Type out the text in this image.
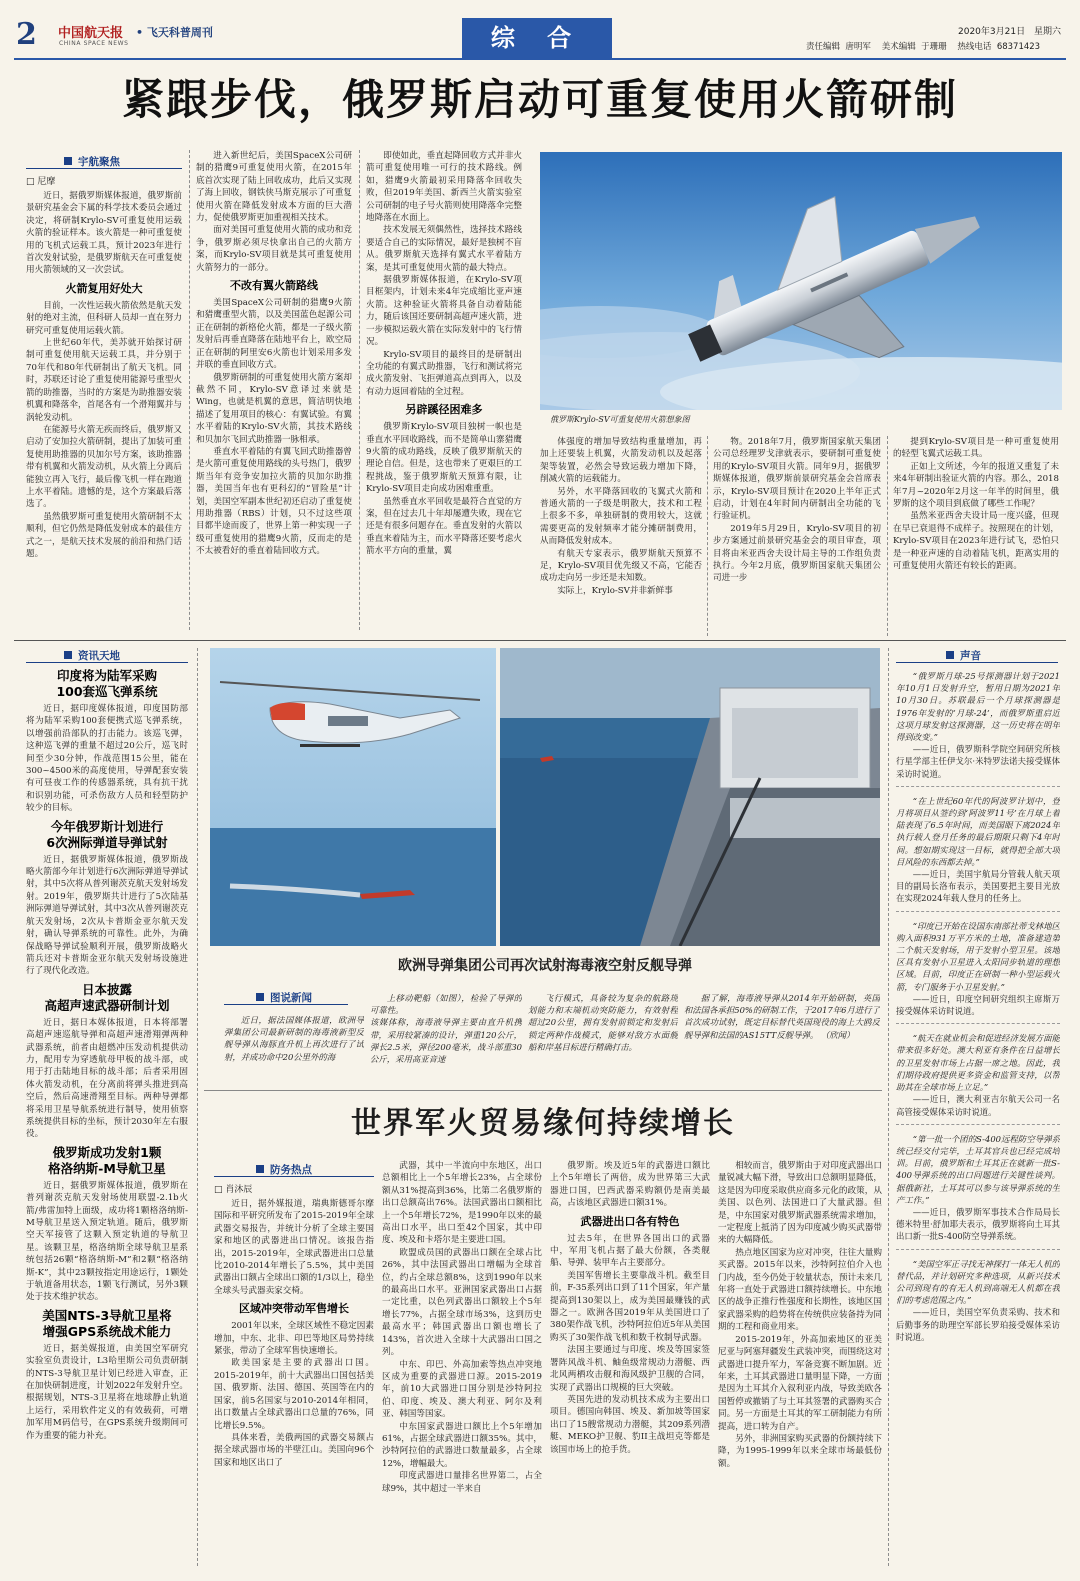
2 中国航天报
CHINA SPACE NEWS
• 飞天科普周刊	综 合	2020年3月21日 星期六
责任编辑  唐明军    美术编辑  于珊珊    热线电话  68371423
紧跟步伐，俄罗斯启动可重复使用火箭研制
宇航聚焦
□ 尼摩

近日，据俄罗斯媒体报道，俄罗斯前景研究基金会下属的科学技术委员会通过决定，将研制Krylo-SV可重复使用运载火箭的验证样本。该火箭是一种可重复使用的飞机式运载工具，预计2023年进行首次发射试验，是俄罗斯航天在可重复使用火箭领域的又一次尝试。

火箭复用好处大

目前，一次性运载火箭依然是航天发射的绝对主流，但科研人员却一直在努力研究可重复使用运载火箭。

上世纪60年代，美苏就开始探讨研制可重复使用航天运载工具，并分别于70年代和80年代研制出了航天飞机。同时，苏联还讨论了重复使用能源号重型火箭的助推器，当时的方案是为助推器安装机翼和降落伞，首尾各有一个滑翔翼并与涡轮发动机。

在能源号火箭无疾而终后，俄罗斯又启动了安加拉火箭研制，提出了加装可重复使用助推器的贝加尔号方案，该助推器带有机翼和火箭发动机，从火箭上分离后能独立再入飞行，最后像飞机一样在跑道上水平着陆。遗憾的是，这个方案最后落选了。

虽然俄罗斯可重复使用火箭研制不太顺利，但它仍然是降低发射成本的最佳方式之一，是航天技术发展的前沿和热门话题。

进入新世纪后，美国SpaceX公司研制的猎鹰9可重复使用火箭，在2015年底首次实现了陆上回收成功，此后又实现了海上回收，钢铁侠马斯克展示了可重复使用火箭在降低发射成本方面的巨大潜力，促使俄罗斯更加重视相关技术。

面对美国可重复使用火箭的成功和竞争，俄罗斯必须尽快拿出自己的火箭方案，而Krylo-SV项目就是其可重复使用火箭努力的一部分。

不改有翼火箭路线

美国SpaceX公司研制的猎鹰9火箭和猎鹰重型火箭，以及美国蓝色起源公司正在研制的新格伦火箭，都是一子级火箭发射后再垂直降落在陆地平台上，欧空局正在研制的阿里安6火箭也计划采用多发并联的垂直回收方式。

俄罗斯研制的可重复使用火箭方案却截然不同，Krylo-SV意译过来就是Wing，也就是机翼的意思，简洁明快地描述了复用项目的核心：有翼试验。有翼水平着陆的Krylo-SV火箭，其技术路线和贝加尔飞回式助推器一脉相承。

垂直水平着陆的有翼飞回式助推器曾是火箭可重复使用路线的头号热门，俄罗斯当年有竞争安加拉火箭的贝加尔助推器，美国当年也有更科幻的“冒险星”计划，美国空军副本世纪初还启动了重复使用助推器（RBS）计划，只不过这些项目都半途而废了，世界上第一种实现一子级可重复使用的猎鹰9火箭，反而走的是不太被看好的垂直着陆回收方式。

即使如此，垂直起降回收方式并非火箭可重复使用唯一可行的技术路线。例如，猎鹰9火箭最初采用降落伞回收失败，但2019年美国、新西兰火箭实验室公司研制的电子号火箭则使用降落伞完整地降落在水面上。

技术发展无须偶然性，选择技术路线要适合自己的实际情况，最好是独树不盲从。俄罗斯航天选择有翼式水平着陆方案，是其可重复使用火箭的最大特点。

据俄罗斯媒体报道，在Krylo-SV项目框架内，计划未来4年完成缩比亚声速火箭。这种验证火箭将具备自动着陆能力，随后该国还要研制高超声速火箭，进一步模拟运载火箭在实际发射中的飞行情况。

Krylo-SV项目的最终目的是研制出全功能的有翼式助推器，飞行和测试将完成火箭发射、飞拒弹道高点到再入，以及有动力返回着陆的全过程。

另辟蹊径困难多

俄罗斯Krylo-SV项目独树一帜也是垂直水平回收路线，而不是简单山寨猎鹰9火箭的成功路线，反映了俄罗斯航天的理论自信。但是，这也带来了更艰巨的工程挑战，鉴于俄罗斯航天预算有限，让Krylo-SV项目走向成功困难重重。

虽然垂直水平回收是最符合直觉的方案，但在过去几十年却屡遭失败，现在它还是有很多问题存在。垂直发射的火箭以垂直来着陆为主，而水平降落还要考虑火箭水平方向的重量，翼

俄罗斯Krylo-SV可重复使用火箭想象图

体强度的增加导致结构重量增加，再加上还要装上机翼，火箭发动机以及起落架等装置，必然会导致运载力增加下降，削减火箭的运载能力。

另外，水平降落回收的飞翼式火箭和普通火箭的一子级是明散大，技术和工程上很多不多，单独研制的费用较大，这就需要更高的发射频率才能分摊研制费用，从而降低发射成本。

有航天专家表示，俄罗斯航天预算不足，Krylo-SV项目优先级又不高，它能否成功走向另一步还是未知数。

实际上，Krylo-SV并非新鲜事

物。2018年7月，俄罗斯国家航天集团公司总经理罗戈津就表示，要研制可重复使用的Krylo-SV项目火箭。同年9月，据俄罗斯媒体报道，俄罗斯前景研究基金会首席表示，Krylo-SV项目预计在2020上半年正式启动，计划在4年时间内研制出全功能的飞行验证机。

2019年5月29日，Krylo-SV项目的初步方案通过前景研究基金会的项目审查，项目将由米亚西舍夫设计局主导的工作组负责执行。今年2月底，俄罗斯国家航天集团公司进一步

提到Krylo-SV项目是一种可重复使用的轻型飞翼式运载工具。

正如上文所述，今年的报道又重复了未来4年研制出验证火箭的内容。那么，2018年7月~2020年2月这一年半的时间里，俄罗斯的这个项目到底做了哪些工作呢？

虽然米亚西舍夫设计局一度兴盛，但现在早已衰退得不成样子。按照现在的计划，Krylo-SV项目在2023年进行试飞，恐怕只是一种亚声速的自动着陆飞机，距离实用的可重复使用火箭还有较长的距离。

资讯天地
印度将为陆军采购
100套巡飞弹系统

近日，据印度媒体报道，印度国防部将为陆军采购100套便携式巡飞弹系统，以增强前沿部队的打击能力。该巡飞弹，这种巡飞弹的重量不超过20公斤，巡飞时间至少30分钟，作战范围15公里，能在300~4500米的高度使用，导弹配套安装有可昼夜工作的传感器系统，具有抗干扰和识别功能，可杀伤敌方人员和轻型防护较少的目标。

今年俄罗斯计划进行
6次洲际弹道导弹试射

近日，据俄罗斯媒体报道，俄罗斯战略火箭部今年计划进行6次洲际弹道导弹试射，其中5次将从普列谢茨克航天发射场发射。2019年，俄罗斯共计进行了5次陆基洲际弹道导弹试射，其中3次从普列谢茨克航天发射场，2次从卡普斯金亚尔航天发射，确认导弹系统的可靠性。此外，为确保战略导弹试验顺利开展，俄罗斯战略火箭兵还对卡普斯金亚尔航天发射场设施进行了现代化改造。

日本披露
高超声速武器研制计划

近日，据日本媒体报道，日本将部署高超声速巡航导弹和高超声速滑翔弹两种武器系统，前者由超燃冲压发动机提供动力，配用专为穿透航母甲板的战斗部，或用于打击陆地目标的战斗部；后者采用固体火箭发动机，在分离前将弹头推进到高空后，然后高速滑翔至目标。两种导弹都将采用卫星导航系统进行制导，使用侦察系统提供目标的坐标，预计2030年左右服役。

俄罗斯成功发射1颗
格洛纳斯-M导航卫星

近日，据俄罗斯媒体报道，俄罗斯在普列谢茨克航天发射场使用联盟-2.1b火箭/弗雷加特上面级，成功将1颗格洛纳斯-M导航卫星送入预定轨道。随后，俄罗斯空天军接管了这颗入预定轨道的导航卫星。该颗卫星，格洛纳斯全球导航卫星系统包括26颗“格洛纳斯-M”和2颗“格洛纳斯-K”，其中23颗按指定用途运行，1颗处于轨道备用状态，1颗飞行测试，另外3颗处于技术维护状态。

美国NTS-3导航卫星将
增强GPS系统战术能力

近日，据美媒报道，由美国空军研究实验室负责设计，L3哈里斯公司负责研制的NTS-3导航卫星计划已经进入审查，正在加快研制进度，计划2022年发射升空。根据规划，NTS-3卫星将在地球静止轨道上运行，采用软件定义的有效载荷，可增加军用M码信号，在GPS系统升级期间可作为重要的能力补充。

欧洲导弹集团公司再次试射海毒液空射反舰导弹
图说新闻

近日，据法国媒体报道，欧洲导弹集团公司最新研制的海毒液新型反舰导弹从海豚直升机上再次进行了试射，并成功命中20公里外的海

上移动靶船（如图），检验了导弹的可靠性。
该媒体称，海毒液导弹主要由直升机携带，采用较紧凑的设计，弹重120公斤，弹长2.5米，弹径200毫米，战斗部重30公斤，采用高亚音速

飞行模式，具备较为复杂的航路规划能力和末端机动突防能力，有效射程超过20公里，拥有发射前锁定和发射后锁定两种作战模式，能够对敌方水面舰船和岸基目标进行精确打击。

据了解，海毒液导弹从2014年开始研制，英国和法国各承担50%的研制工作，于2017年6月进行了首次成功试射，既定目标替代英国现役的海上大鸥反舰导弹和法国的AS15TT反舰导弹。 （欣闻）

声音

“俄罗斯月球-25号探测器计划于2021年10月1日发射升空，暂用日期为2021年10月30日。苏联最后一个月球探测器是1976年发射的‘月球-24’，而俄罗斯重启近这项月球发射这探测器，这一历史将在明年得到改变。”

——近日，俄罗斯科学院空间研究所核行星学部主任伊戈尔·米特罗法诺夫接受媒体采访时说道。

“在上世纪60年代的阿波罗计划中，登月将项目从签约到‘阿波罗11号’在月球上着陆表现了6.5年时间，而美国眼下离2024年执行载人登月任务的最后期限只剩下4年时间。想如期实现这一目标，就得把全部大项目风险的东西都去掉。”

——近日，美国宇航局分管载人航天项目的副局长洛布表示，美国要把主要目光放在实现2024年载人登月的任务上。

“印度已开始在设国东南部社蒂戈林地区购入面积931万平方米的土地，准备建造第二个航天发射场，用于发射小型卫星。该地区具有发射小卫星进入太阳同步轨道的理想区域。目前，印度正在研制一种小型运载火箭，专门服务于小卫星发射。”

——近日，印度空间研究组织主席斯万接受媒体采访时说道。

“航天在就业机会和促进经济发展方面能带来很多好处。澳大利亚有条件在日益增长的卫星发射市场上占据一席之地。因此，我们期待政府提供更多资金和监管支持，以帮助其在全球市场上立足。”

——近日，澳大利亚吉尔航天公司一名高管接受媒体采访时说道。

“第一批一个团的S-400远程防空导弹系统已经交付完毕，土耳其官兵也已经完成培训。目前，俄罗斯和土耳其正在就新一批S-400导弹系统的出口问题进行关键性谈判。据俄新社，土耳其可以参与该导弹系统的生产工作。”

——近日，俄罗斯军事技术合作局局长德米特里·舒加耶夫表示，俄罗斯将向土耳其出口新一批S-400防空导弹系统。

“美国空军正寻找无神探打一体无人机的替代品，并计划研究多种选项，从新兴技术公司到现有的有无人机到高端无人机都在我们的考虑范围之内。”

——近日，美国空军负责采购、技术和后勤事务的助理空军部长罗珀接受媒体采访时说道。

世界军火贸易缘何持续增长
防务热点
□ 肖沐辰

近日，据外媒报道，瑞典斯德哥尔摩国际和平研究所发布了2015-2019年全球武器交易报告，并统计分析了全球主要国家和地区的武器进出口情况。该报告指出，2015-2019年，全球武器进出口总量比2010-2014年增长了5.5%，其中美国武器出口额占全球出口额的1/3以上，稳坐全球头号武器卖家交椅。

区域冲突带动军售增长

2001年以来，全球区域性不稳定因素增加，中东、北非、印巴等地区局势持续紧张，带动了全球军售快速增长。

欧美国家是主要的武器出口国。2015-2019年，前十大武器出口国包括美国、俄罗斯、法国、德国、英国等在内的国家，前5名国家与2010-2014年相同，出口数量占全球武器出口总量的76%，同比增长9.5%。

具体来看，美俄两国的武器交易额占据全球武器市场的半壁江山。美国向96个国家和地区出口了

武器，其中一半流向中东地区，出口总额相比上一个5年增长23%，占全球份额从31%提高到36%，比第二名俄罗斯的出口总额高出76%。法国武器出口额相比上一个5年增长72%，是1990年以来的最高出口水平，出口至42个国家，其中印度、埃及和卡塔尔是主要进口国。

欧盟成员国的武器出口额在全球占比26%，其中法国武器出口增幅为全球首位，约占全球总额8%，这到1990年以来的最高出口水平。亚洲国家武器出口占据一定比重，以色列武器出口额较上个5年增长77%，占据全球市场3%，这到历史最高水平；韩国武器出口额也增长了143%，首次进入全球十大武器出口国之列。

中东、印巴、外高加索等热点冲突地区成为重要的武器进口源。2015-2019年，前10大武器进口国分别是沙特阿拉伯、印度、埃及、澳大利亚、阿尔及利亚、韩国等国家。

中东国家武器进口额比上个5年增加61%，占据全球武器进口额35%。其中，沙特阿拉伯的武器进口数量最多，占全球12%，增幅最大。

印度武器进口量排名世界第二，占全球9%，其中超过一半来自

俄罗斯。埃及近5年的武器进口额比上个5年增长了两倍，成为世界第三大武器进口国，巴西武器采购额仍是南美最高，占该地区武器进口额31%。

武器进出口各有特色

过去5年，在世界各国出口的武器中，军用飞机占据了最大份额，各类舰船、导弹、装甲车占主要部分。

美国军售增长主要靠战斗机。截至目前，F-35系列出口到了11个国家，年产量提高到130架以上，成为美国最赚钱的武器之一。欧洲各国2019年从美国进口了380架作战飞机，沙特阿拉伯近5年从美国购买了30架作战飞机和数千枚制导武器。

法国主要通过与印度、埃及等国家签署阵风战斗机、鲉鱼级常规动力潜艇、西北风两栖攻击舰和海风级护卫舰的合同，实现了武器出口规模的巨大突破。

英国先进的发动机技术成为主要出口项目。德国向韩国、埃及、新加坡等国家出口了15艘常规动力潜艇，其209系列潜艇、MEKO护卫舰、豹II主战坦克等都是该国市场上的抢手货。

相较而言，俄罗斯由于对印度武器出口量锐减大幅下滑，导致出口总额明显降低，这是因为印度采取供应商多元化的政策，从美国、以色列、法国进口了大量武器。但是，中东国家对俄罗斯武器系统需求增加，一定程度上抵消了因为印度减少购买武器带来的大幅降低。

热点地区国家为应对冲突，往往大量购买武器。2015年以来，沙特阿拉伯介入也门内战，至今仍处于较量状态，预计未来几年将一直处于武器进口额持续增长。中东地区的战争正推行性强度和长期性，该地区国家武器采购的趋势将在传统供应装备持为同期的工程和商业用来。

2015-2019年，外高加索地区的亚美尼亚与阿塞拜疆发生武装冲突，而围绕这对武器进口提升军力，军备竞赛不断加剧。近年来，土耳其武器进口量明显下降，一方面是因为土耳其介入叙利亚内战，导致美欧各国暂停或撤销了与土耳其签署的武器购买合同。另一方面是土耳其的军工研制能力有所提高，进口转为自产。

另外，非洲国家购买武器的份额持续下降，为1995-1999年以来全球市场最低份额。
